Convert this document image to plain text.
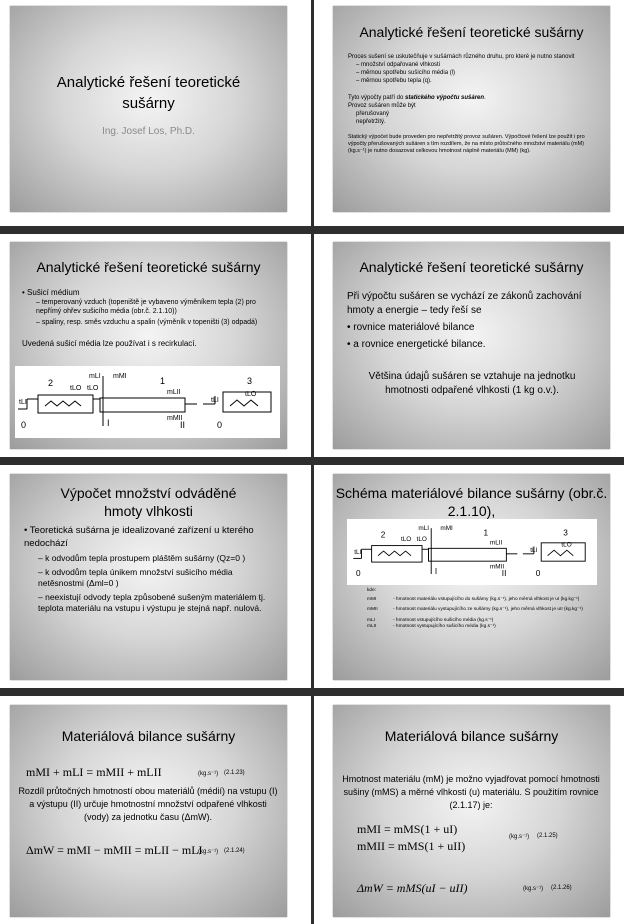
Analytické řešení teoretické sušárny
Ing. Josef Los, Ph.D.
Analytické řešení teoretické sušárny
Proces sušení se uskutečňuje v sušárnách různého druhu, pro které je nutno stanovit
– množství odpařované vlhkosti
– měrnou spotřebu sušicího média (l)
– měrnou spotřebu tepla (q).
Tyto výpočty patří do statického výpočtu sušáren.
Provoz sušáren může být
přerušovaný
nepřetržitý.
Statický výpočet bude proveden pro nepřetržitý provoz sušáren. Výpočtové řešení lze použít i pro výpočty přerušovaných sušáren s tím rozdílem, že na místo průtočného množství materiálu (mM) (kg.s⁻¹) je nutno dosazovat celkovou hmotnost náplně materiálu (MM) (kg).
Analytické řešení teoretické sušárny
• Sušicí médium
– temperovaný vzduch (topeniště je vybaveno výměníkem tepla (2) pro nepřímý ohřev sušicího média (obr.č. 2.1.10))
– spaliny, resp. směs vzduchu a spalin (výměník v topeništi (3) odpadá)
Uvedená sušicí média lze používat i s recirkulací.
2	1	3
I	II
0	0
tLI
tLO
tLO
tLI
mLI mMI
mLII
tLO
mMII
Analytické řešení teoretické sušárny
Při výpočtu sušáren se vychází ze zákonů zachování hmoty a energie – tedy řeší se
• rovnice materiálové bilance
• a rovnice energetické bilance.
Většina údajů sušáren se vztahuje na jednotku hmotnosti odpařené vlhkosti (1 kg o.v.).
Výpočet množství odváděné hmoty vlhkosti
• Teoretická sušárna je idealizované zařízení u kterého nedochází
– k odvodům tepla prostupem pláštěm sušárny (Qz=0 )
– k odvodům tepla únikem množství sušicího média netěsnostmi (Δml=0 )
– neexistují odvody tepla způsobené sušeným materiálem tj. teplota materiálu na vstupu i výstupu je stejná např. nulová.
Schéma materiálové bilance sušárny (obr.č. 2.1.10),
2	1	3
I	II
0	0
tLI
tLO
tLO
tLI
mLI mMI
mLII
tLO
mMII
kde:
mMI	- hmotnost materiálu vstupujícího do sušárny (kg.s⁻¹), jeho měrná vlhkost je uI (kg.kg⁻¹)
mMII	- hmotnost materiálu vystupujícího ze sušárny (kg.s⁻¹), jeho měrná vlhkost je uII (kg.kg⁻¹)
mLI	- hmotnost vstupujícího sušicího média (kg.s⁻¹)
mLII	- hmotnost vystupujícího sušicího média (kg.s⁻¹)
Materiálová bilance sušárny
mMI + mLI = mMII + mLII	(kg.s⁻¹) (2.1.23)
Rozdíl průtočných hmotností obou materiálů (médií) na vstupu (I) a výstupu (II) určuje hmotnostní množství odpařené vlhkosti (vody) za jednotku času (ΔmW).
ΔmW = mMI − mMII = mLII − mLI
(kg.s⁻¹) (2.1.24)
Materiálová bilance sušárny
Hmotnost materiálu (mM) je možno vyjadřovat pomocí hmotnosti sušiny (mMS) a měrné vlhkosti (u) materiálu. S použitím rovnice (2.1.17) je:
mMI = mMS(1 + uI)
mMII = mMS(1 + uII)
(kg.s⁻¹) (2.1.25)
ΔmW = mMS(uI − uII)	(kg.s⁻¹) (2.1.26)
